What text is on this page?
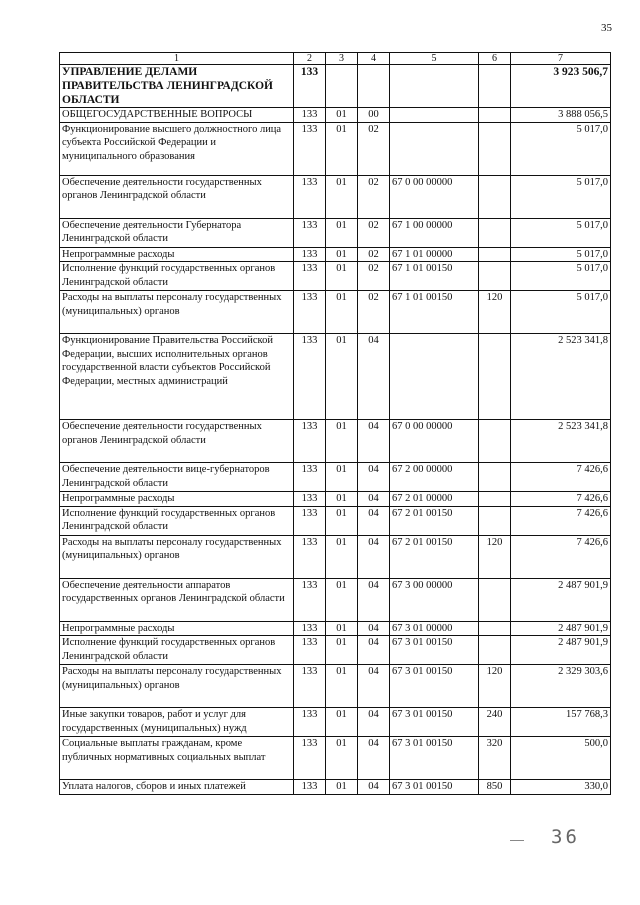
35
1	2	3	4	5	6	7
УПРАВЛЕНИЕ ДЕЛАМИ ПРАВИТЕЛЬСТВА ЛЕНИНГРАДСКОЙ ОБЛАСТИ	133					3 923 506,7
ОБЩЕГОСУДАРСТВЕННЫЕ ВОПРОСЫ	133	01	00			3 888 056,5
Функционирование высшего должностного лица субъекта Российской Федерации и муниципального образования	133	01	02			5 017,0
Обеспечение деятельности государственных органов Ленинградской области	133	01	02	67 0 00 00000		5 017,0
Обеспечение деятельности Губернатора Ленинградской области	133	01	02	67 1 00 00000		5 017,0
Непрограммные расходы	133	01	02	67 1 01 00000		5 017,0
Исполнение функций государственных органов Ленинградской области	133	01	02	67 1 01 00150		5 017,0
Расходы на выплаты персоналу государственных (муниципальных) органов	133	01	02	67 1 01 00150	120	5 017,0
Функционирование Правительства Российской Федерации, высших исполнительных органов государственной власти субъектов Российской Федерации, местных администраций	133	01	04			2 523 341,8
Обеспечение деятельности государственных органов Ленинградской области	133	01	04	67 0 00 00000		2 523 341,8
Обеспечение деятельности вице-губернаторов Ленинградской области	133	01	04	67 2 00 00000		7 426,6
Непрограммные расходы	133	01	04	67 2 01 00000		7 426,6
Исполнение функций государственных органов Ленинградской области	133	01	04	67 2 01 00150		7 426,6
Расходы на выплаты персоналу государственных (муниципальных) органов	133	01	04	67 2 01 00150	120	7 426,6
Обеспечение деятельности аппаратов государственных органов Ленинградской области	133	01	04	67 3 00 00000		2 487 901,9
Непрограммные расходы	133	01	04	67 3 01 00000		2 487 901,9
Исполнение функций государственных органов Ленинградской области	133	01	04	67 3 01 00150		2 487 901,9
Расходы на выплаты персоналу государственных (муниципальных) органов	133	01	04	67 3 01 00150	120	2 329 303,6
Иные закупки товаров, работ и услуг для государственных (муниципальных) нужд	133	01	04	67 3 01 00150	240	157 768,3
Социальные выплаты гражданам, кроме публичных нормативных социальных выплат	133	01	04	67 3 01 00150	320	500,0
Уплата налогов, сборов и иных платежей	133	01	04	67 3 01 00150	850	330,0
36
